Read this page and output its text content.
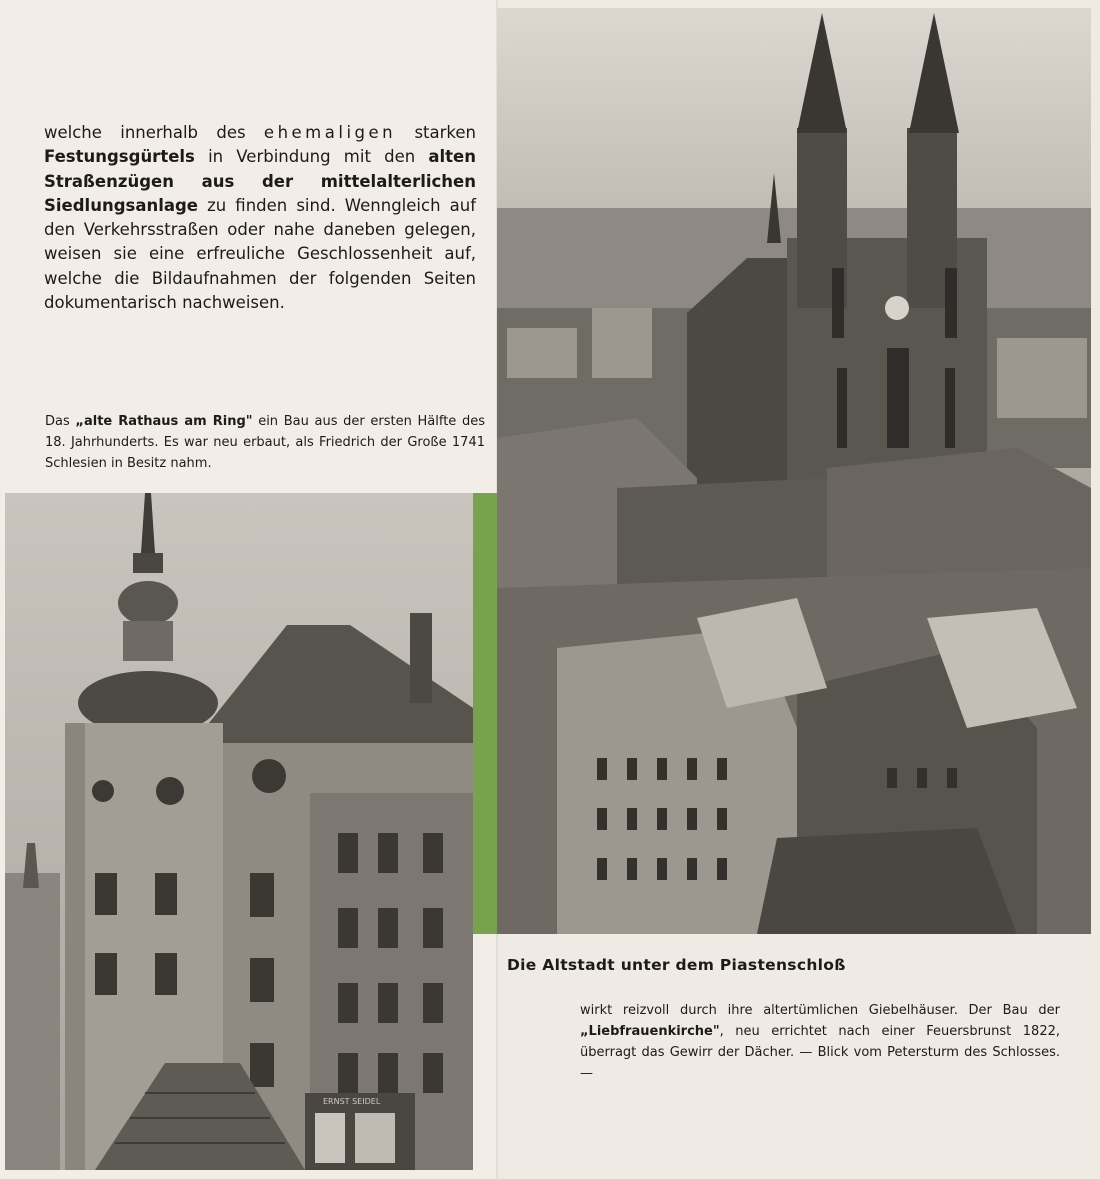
welche innerhalb des ehemaligen starken Festungsgürtels in Verbindung mit den alten Straßenzügen aus der mittelalterlichen Siedlungsanlage zu finden sind. Wenngleich auf den Verkehrsstraßen oder nahe daneben gelegen, weisen sie eine erfreuliche Geschlossenheit auf, welche die Bildaufnahmen der folgenden Seiten dokumentarisch nachweisen.

Das „alte Rathaus am Ring" ein Bau aus der ersten Hälfte des 18. Jahrhunderts. Es war neu erbaut, als Friedrich der Große 1741 Schlesien in Besitz nahm.

ERNST SEIDEL
Die Altstadt unter dem Piastenschloß

wirkt reizvoll durch ihre altertümlichen Giebelhäuser. Der Bau der „Liebfrauenkirche", neu errichtet nach einer Feuersbrunst 1822, überragt das Gewirr der Dächer. — Blick vom Petersturm des Schlosses. —
